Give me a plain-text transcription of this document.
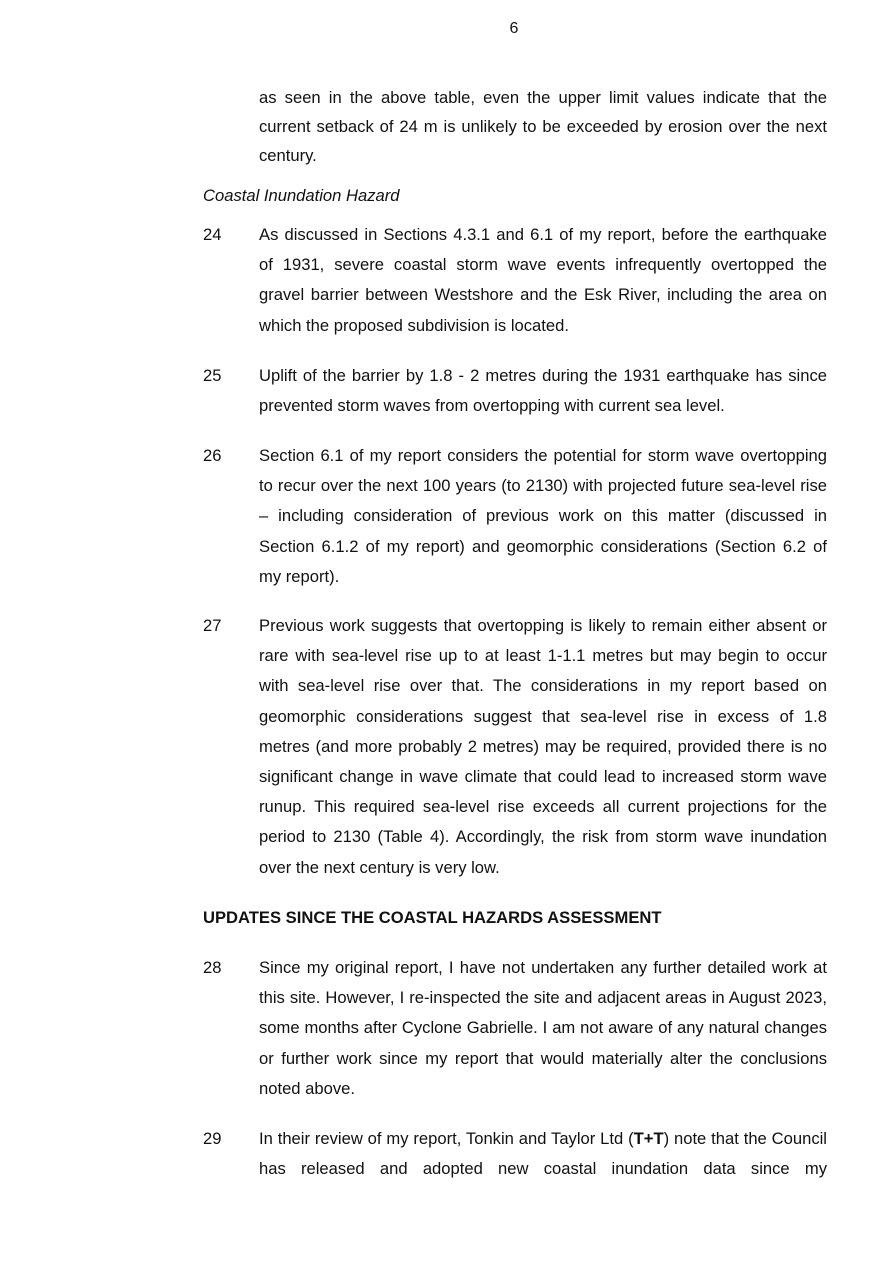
6
as seen in the above table, even the upper limit values indicate that the current setback of 24 m is unlikely to be exceeded by erosion over the next century.
Coastal Inundation Hazard
24 As discussed in Sections 4.3.1 and 6.1 of my report, before the earthquake of 1931, severe coastal storm wave events infrequently overtopped the gravel barrier between Westshore and the Esk River, including the area on which the proposed subdivision is located.
25 Uplift of the barrier by 1.8 - 2 metres during the 1931 earthquake has since prevented storm waves from overtopping with current sea level.
26 Section 6.1 of my report considers the potential for storm wave overtopping to recur over the next 100 years (to 2130) with projected future sea-level rise – including consideration of previous work on this matter (discussed in Section 6.1.2 of my report) and geomorphic considerations (Section 6.2 of my report).
27 Previous work suggests that overtopping is likely to remain either absent or rare with sea-level rise up to at least 1-1.1 metres but may begin to occur with sea-level rise over that. The considerations in my report based on geomorphic considerations suggest that sea-level rise in excess of 1.8 metres (and more probably 2 metres) may be required, provided there is no significant change in wave climate that could lead to increased storm wave runup. This required sea-level rise exceeds all current projections for the period to 2130 (Table 4). Accordingly, the risk from storm wave inundation over the next century is very low.
UPDATES SINCE THE COASTAL HAZARDS ASSESSMENT
28 Since my original report, I have not undertaken any further detailed work at this site. However, I re-inspected the site and adjacent areas in August 2023, some months after Cyclone Gabrielle. I am not aware of any natural changes or further work since my report that would materially alter the conclusions noted above.
29 In their review of my report, Tonkin and Taylor Ltd (T+T) note that the Council has released and adopted new coastal inundation data since my
